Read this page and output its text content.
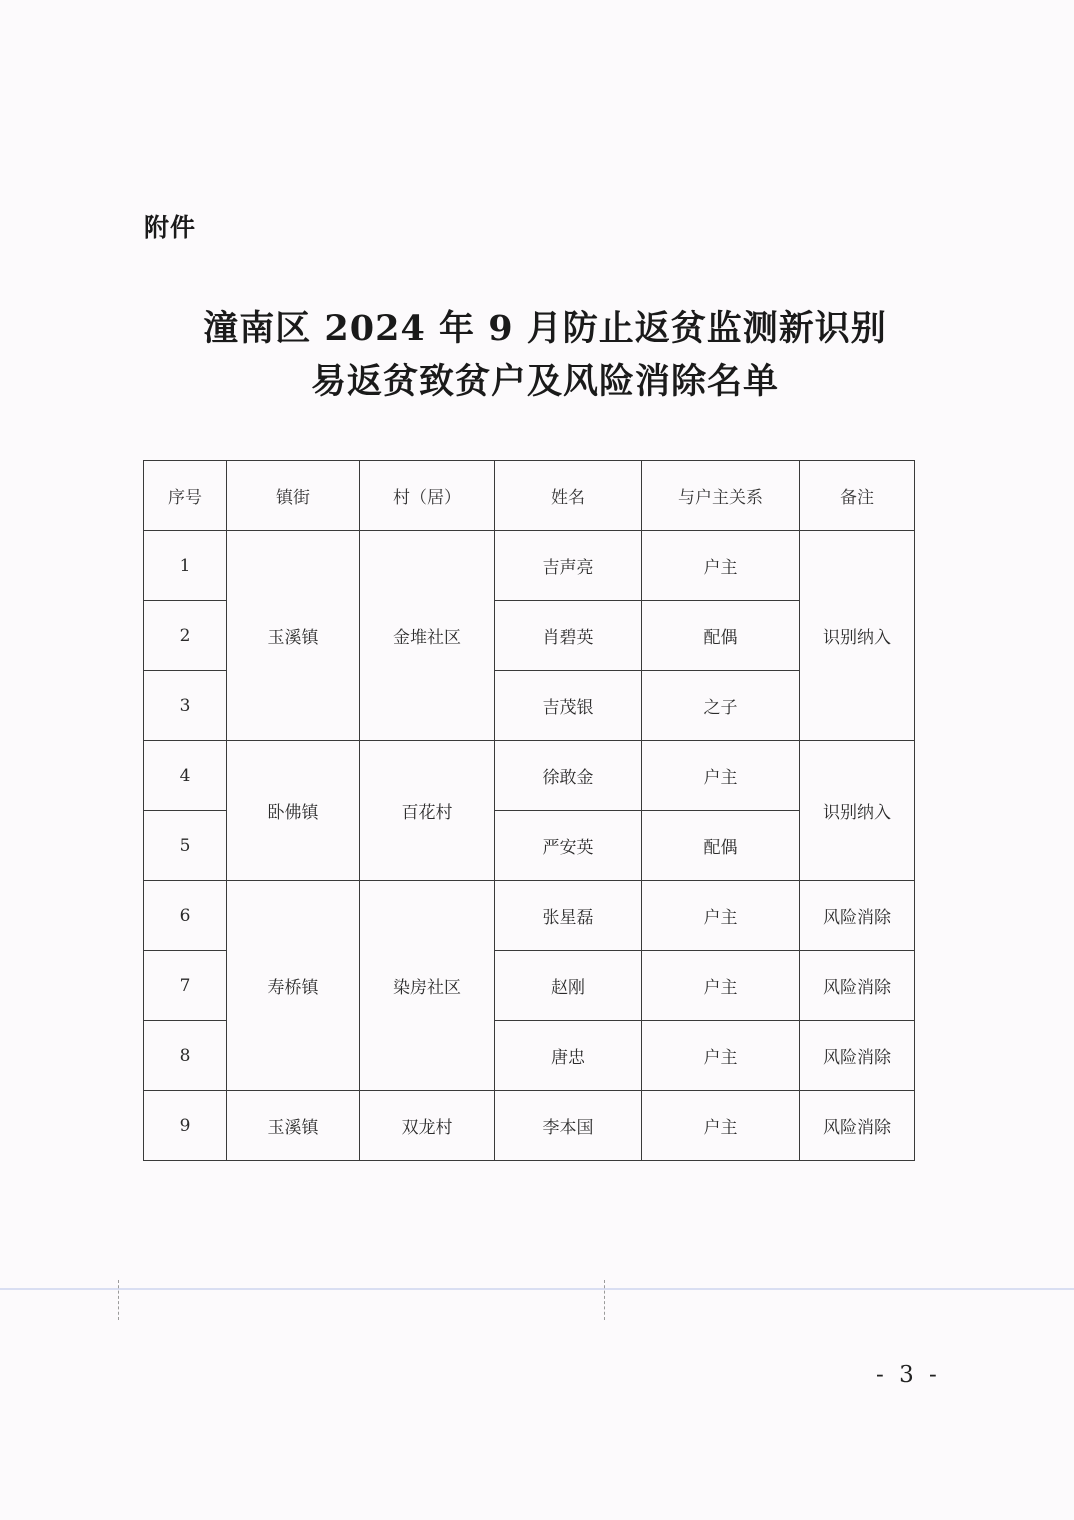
附件
潼南区 2024 年 9 月防止返贫监测新识别
易返贫致贫户及风险消除名单
序号	镇街	村（居）	姓名	与户主关系	备注
1	玉溪镇	金堆社区	吉声亮	户主	识别纳入
2			肖碧英	配偶	
3			吉茂银	之子	
4	卧佛镇	百花村	徐敢金	户主	识别纳入
5			严安英	配偶	
6	寿桥镇	染房社区	张星磊	户主	风险消除
7			赵刚	户主	风险消除
8			唐忠	户主	风险消除
9	玉溪镇	双龙村	李本国	户主	风险消除
- 3 -
